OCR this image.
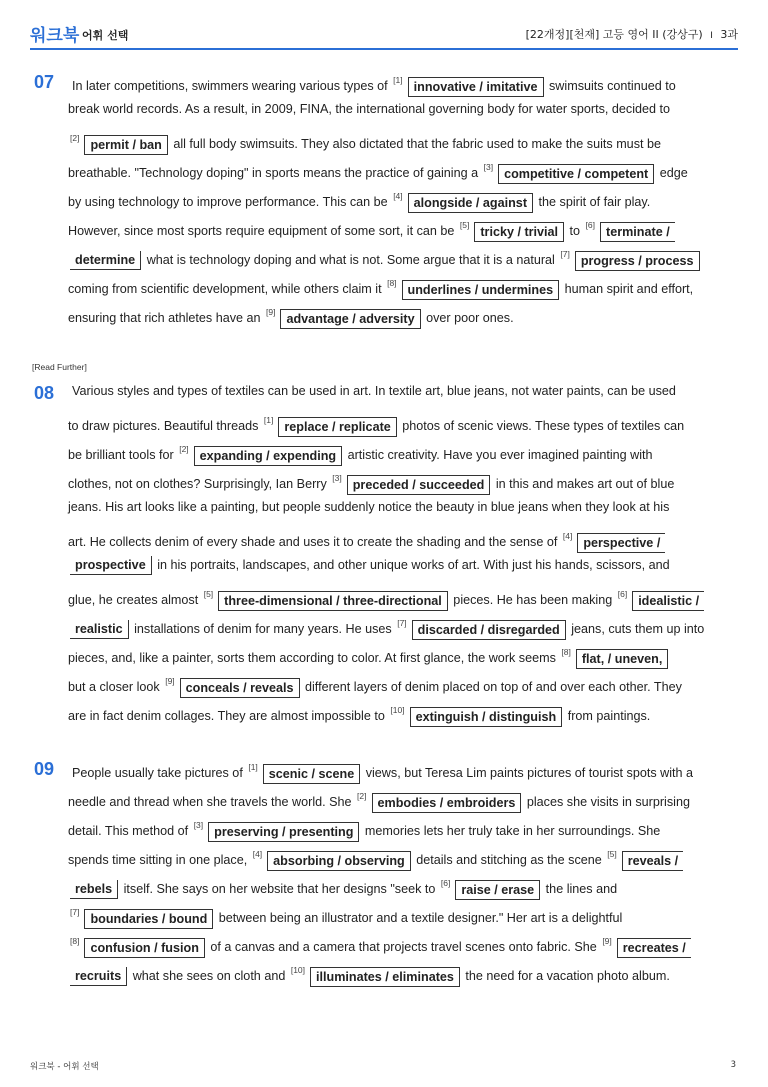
워크북 어휘 선택	[22개정][천재] 고등 영어 II (강상구) I 3과
07 In later competitions, swimmers wearing various types of [1] innovative / imitative swimsuits continued to
break world records. As a result, in 2009, FINA, the international governing body for water sports, decided to
[2] permit / ban all full body swimsuits. They also dictated that the fabric used to make the suits must be
breathable. "Technology doping" in sports means the practice of gaining a [3] competitive / competent edge
by using technology to improve performance. This can be [4] alongside / against the spirit of fair play.
However, since most sports require equipment of some sort, it can be [5] tricky / trivial to [6] terminate /
determine what is technology doping and what is not. Some argue that it is a natural [7] progress / process
coming from scientific development, while others claim it [8] underlines / undermines human spirit and effort,
ensuring that rich athletes have an [9] advantage / adversity over poor ones.
[Read Further]
08 Various styles and types of textiles can be used in art. In textile art, blue jeans, not water paints, can be used
to draw pictures. Beautiful threads [1] replace / replicate photos of scenic views. These types of textiles can
be brilliant tools for [2] expanding / expending artistic creativity. Have you ever imagined painting with
clothes, not on clothes? Surprisingly, Ian Berry [3] preceded / succeeded in this and makes art out of blue
jeans. His art looks like a painting, but people suddenly notice the beauty in blue jeans when they look at his
art. He collects denim of every shade and uses it to create the shading and the sense of [4] perspective /
prospective in his portraits, landscapes, and other unique works of art. With just his hands, scissors, and
glue, he creates almost [5] three-dimensional / three-directional pieces. He has been making [6] idealistic /
realistic installations of denim for many years. He uses [7] discarded / disregarded jeans, cuts them up into
pieces, and, like a painter, sorts them according to color. At first glance, the work seems [8] flat, / uneven,
but a closer look [9] conceals / reveals different layers of denim placed on top of and over each other. They
are in fact denim collages. They are almost impossible to [10] extinguish / distinguish from paintings.
09 People usually take pictures of [1] scenic / scene views, but Teresa Lim paints pictures of tourist spots with a
needle and thread when she travels the world. She [2] embodies / embroiders places she visits in surprising
detail. This method of [3] preserving / presenting memories lets her truly take in her surroundings. She
spends time sitting in one place, [4] absorbing / observing details and stitching as the scene [5] reveals /
rebels itself. She says on her website that her designs "seek to [6] raise / erase the lines and
[7] boundaries / bound between being an illustrator and a textile designer." Her art is a delightful
[8] confusion / fusion of a canvas and a camera that projects travel scenes onto fabric. She [9] recreates /
recruits what she sees on cloth and [10] illuminates / eliminates the need for a vacation photo album.
워크북 - 어휘 선택	3
